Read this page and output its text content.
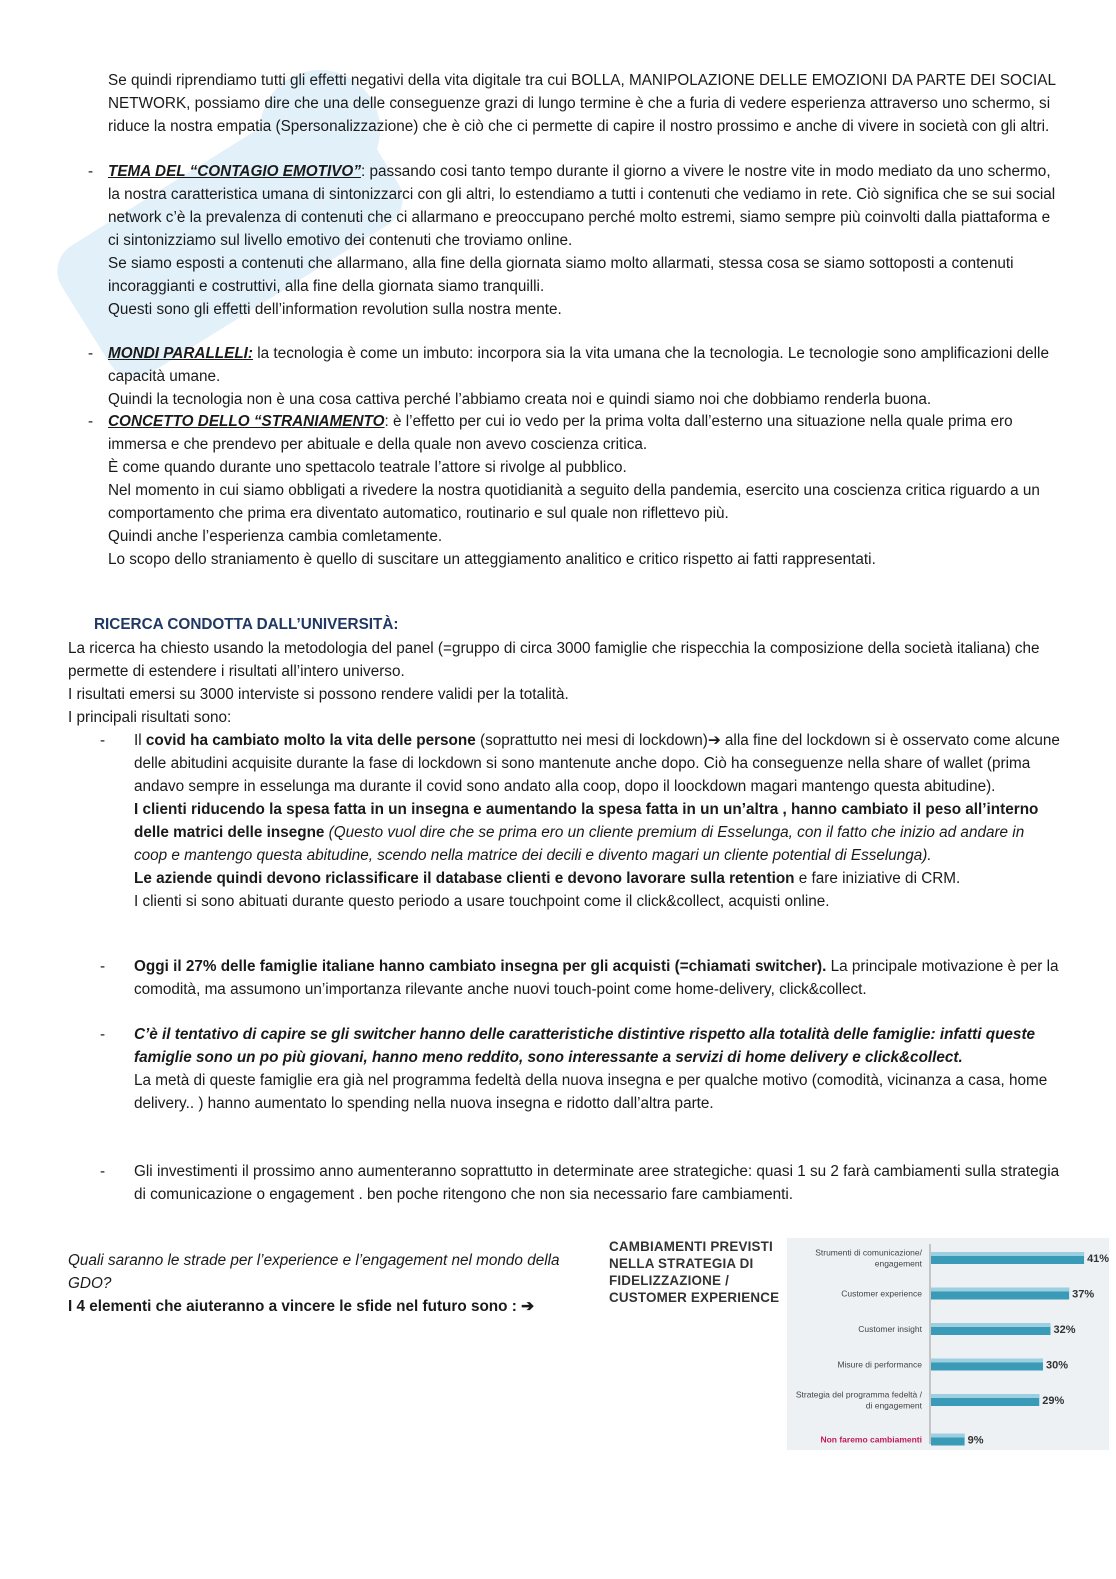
Se quindi riprendiamo tutti gli effetti negativi della vita digitale tra cui BOLLA, MANIPOLAZIONE DELLE EMOZIONI DA PARTE DEI SOCIAL NETWORK, possiamo dire che una delle conseguenze grazi di lungo termine è che a furia di vedere esperienza attraverso uno schermo, si riduce la nostra empatia (Spersonalizzazione) che è ciò che ci permette di capire il nostro prossimo e anche di vivere in società con gli altri.

- TEMA DEL “CONTAGIO EMOTIVO”: passando cosi tanto tempo durante il giorno a vivere le nostre vite in modo mediato da uno schermo, la nostra caratteristica umana di sintonizzarci con gli altri, lo estendiamo a tutti i contenuti che vediamo in rete. Ciò significa che se sui social network c’è la prevalenza di contenuti che ci allarmano e preoccupano perché molto estremi, siamo sempre più coinvolti dalla piattaforma e ci sintonizziamo sul livello emotivo dei contenuti che troviamo online.

Se siamo esposti a contenuti che allarmano, alla fine della giornata siamo molto allarmati, stessa cosa se siamo sottoposti a contenuti incoraggianti e costruttivi, alla fine della giornata siamo tranquilli.

Questi sono gli effetti dell’information revolution sulla nostra mente.

- MONDI PARALLELI: la tecnologia è come un imbuto: incorpora sia la vita umana che la tecnologia. Le tecnologie sono amplificazioni delle capacità umane.

Quindi la tecnologia non è una cosa cattiva perché l’abbiamo creata noi e quindi siamo noi che dobbiamo renderla buona.

- CONCETTO DELLO “STRANIAMENTO: è l’effetto per cui io vedo per la prima volta dall’esterno una situazione nella quale prima ero immersa e che prendevo per abituale e della quale non avevo coscienza critica.

È come quando durante uno spettacolo teatrale l’attore si rivolge al pubblico.

Nel momento in cui siamo obbligati a rivedere la nostra quotidianità a seguito della pandemia, esercito una coscienza critica riguardo a un comportamento che prima era diventato automatico, routinario e sul quale non riflettevo più.

Quindi anche l’esperienza cambia comletamente.

Lo scopo dello straniamento è quello di suscitare un atteggiamento analitico e critico rispetto ai fatti rappresentati.

RICERCA CONDOTTA DALL’UNIVERSITÀ:

La ricerca ha chiesto usando la metodologia del panel (=gruppo di circa 3000 famiglie che rispecchia la composizione della società italiana) che permette di estendere i risultati all’intero universo.

I risultati emersi su 3000 interviste si possono rendere validi per la totalità.

I principali risultati sono:

- Il covid ha cambiato molto la vita delle persone (soprattutto nei mesi di lockdown)➔ alla fine del lockdown si è osservato come alcune delle abitudini acquisite durante la fase di lockdown si sono mantenute anche dopo. Ciò ha conseguenze nella share of wallet (prima andavo sempre in esselunga ma durante il covid sono andato alla coop, dopo il loockdown magari mantengo questa abitudine).

I clienti riducendo la spesa fatta in un insegna e aumentando la spesa fatta in un un’altra , hanno cambiato il peso all’interno delle matrici delle insegne (Questo vuol dire che se prima ero un cliente premium di Esselunga, con il fatto che inizio ad andare in coop e mantengo questa abitudine, scendo nella matrice dei decili e divento magari un cliente potential di Esselunga).

Le aziende quindi devono riclassificare il database clienti e devono lavorare sulla retention e fare iniziative di CRM.

I clienti si sono abituati durante questo periodo a usare touchpoint come il click&collect, acquisti online.

- Oggi il 27% delle famiglie italiane hanno cambiato insegna per gli acquisti (=chiamati switcher). La principale motivazione è per la comodità, ma assumono un’importanza rilevante anche nuovi touch-point come home-delivery, click&collect.

- C’è il tentativo di capire se gli switcher hanno delle caratteristiche distintive rispetto alla totalità delle famiglie: infatti queste famiglie sono un po più giovani, hanno meno reddito, sono interessante a servizi di home delivery e click&collect.

La metà di queste famiglie era già nel programma fedeltà della nuova insegna e per qualche motivo (comodità, vicinanza a casa, home delivery.. ) hanno aumentato lo spending nella nuova insegna e ridotto dall’altra parte.

- Gli investimenti il prossimo anno aumenteranno soprattutto in determinate aree strategiche: quasi 1 su 2 farà cambiamenti sulla strategia di comunicazione o engagement . ben poche ritengono che non sia necessario fare cambiamenti.

Quali saranno le strade per l’experience e l’engagement nel mondo della GDO?

I 4 elementi che aiuteranno a vincere le sfide nel futuro sono : ➔

CAMBIAMENTI PREVISTI NELLA STRATEGIA DI FIDELIZZAZIONE / CUSTOMER EXPERIENCE
41%
Strumenti di comunicazione/ engagement
37%
Customer experience
32%
Customer insight
30%
Misure di performance
29%
Strategia del programma fedeltà / di engagement
9%
Non faremo cambiamenti
